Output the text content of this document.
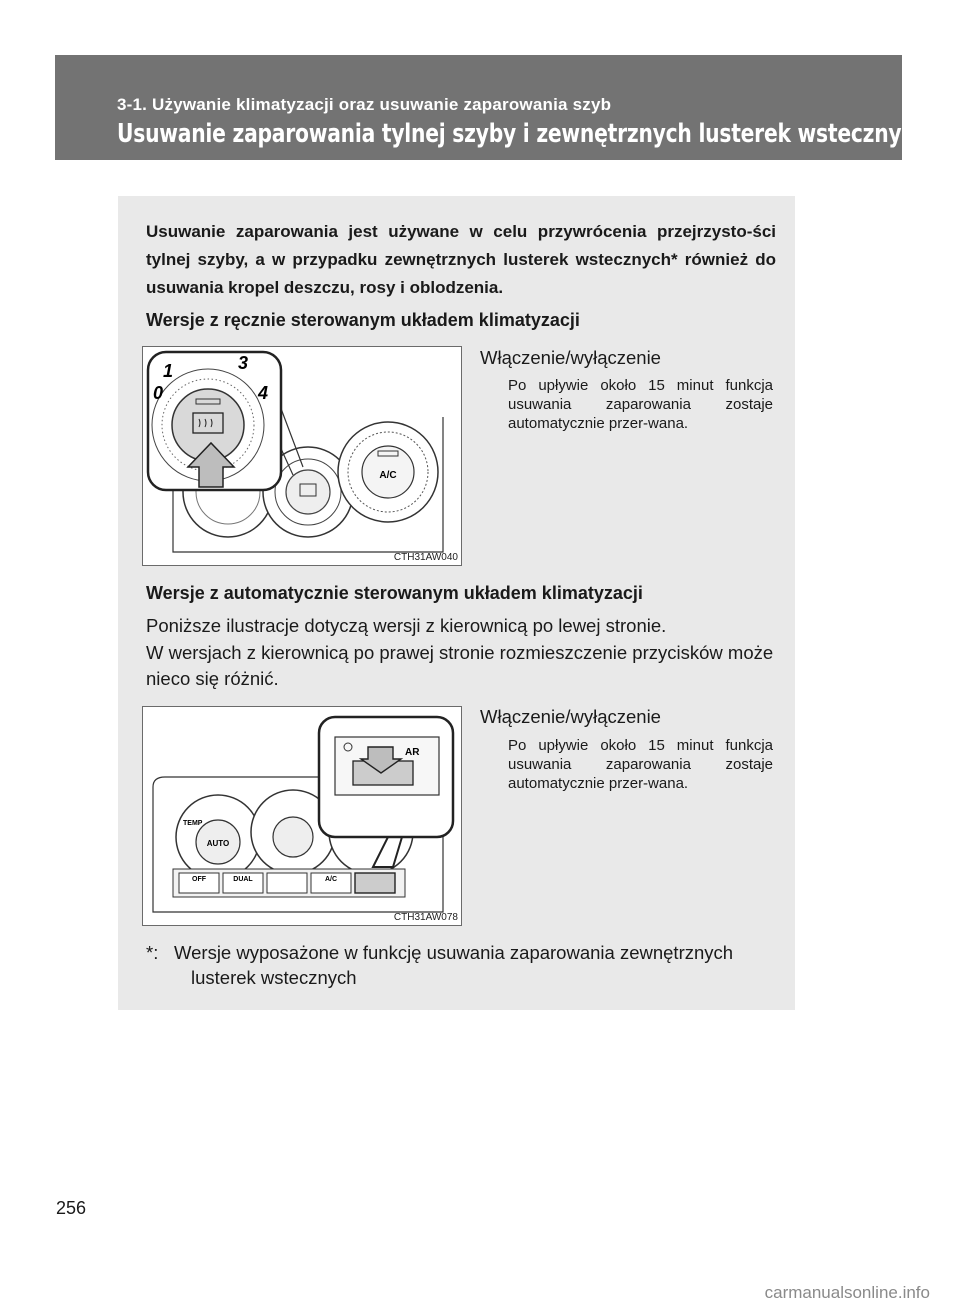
3-1. Używanie klimatyzacji oraz usuwanie zaparowania szyb
Usuwanie zaparowania tylnej szyby i zewnętrznych lusterek wstecznych
Usuwanie zaparowania jest używane w celu przywrócenia przejrzysto-ści tylnej szyby, a w przypadku zewnętrznych lusterek wstecznych* również do usuwania kropel deszczu, rosy i oblodzenia.
Wersje z ręcznie sterowanym układem klimatyzacji
A/C
1	3
0	4
CTH31AW040
Włączenie/wyłączenie
Po upływie około 15 minut funkcja usuwania zaparowania zostaje automatycznie przer-wana.
Wersje z automatycznie sterowanym układem klimatyzacji
Poniższe ilustracje dotyczą wersji z kierownicą po lewej stronie.
W wersjach z kierownicą po prawej stronie rozmieszczenie przycisków może nieco się różnić.
AUTO
TEMP
OFF	DUAL	A/C
AR
CTH31AW078
Włączenie/wyłączenie
Po upływie około 15 minut funkcja usuwania zaparowania zostaje automatycznie przer-wana.
*: Wersje wyposażone w funkcję usuwania zaparowania zewnętrznych
lusterek wstecznych
256
carmanualsonline.info
